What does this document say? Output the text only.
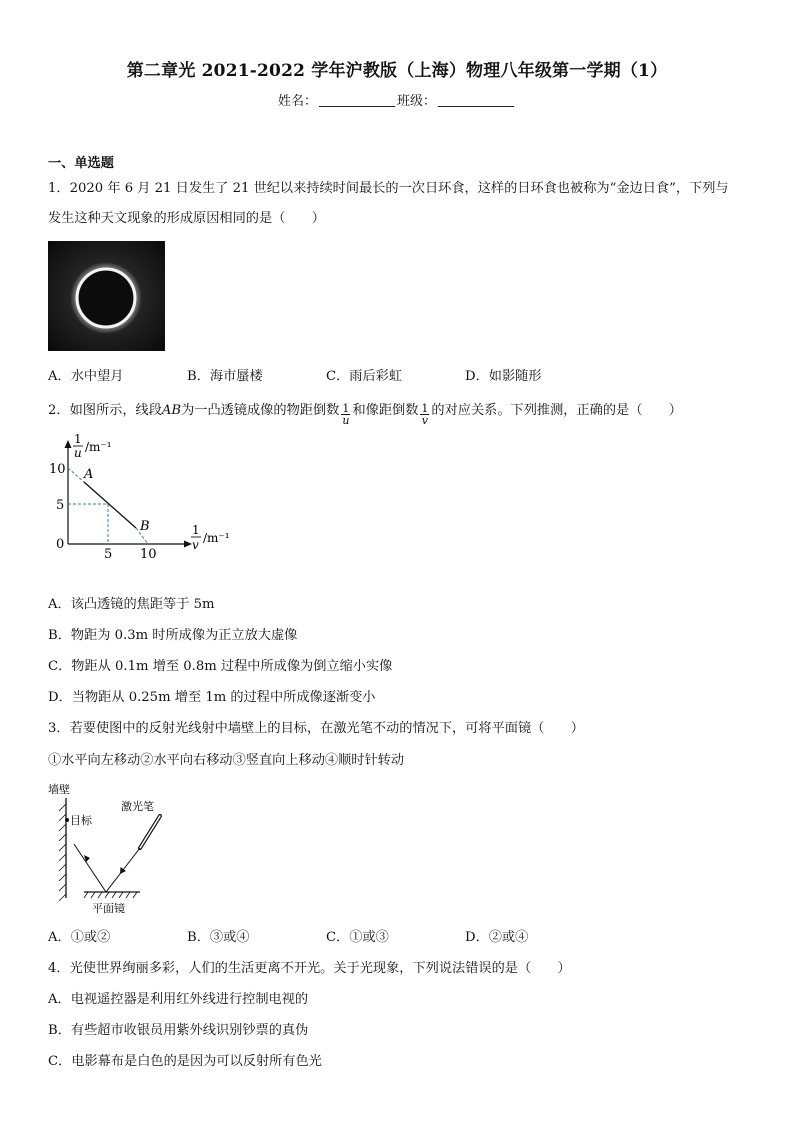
第二章光 2021-2022 学年沪教版（上海）物理八年级第一学期（1）
姓名：	班级：
一、单选题
1．2020 年 6 月 21 日发生了 21 世纪以来持续时间最长的一次日环食，这样的日环食也被称为“金边日食”，下列与
发生这种天文现象的形成原因相同的是（　　）
A．水中望月	B．海市蜃楼	C．雨后彩虹	D．如影随形
2．如图所示，线段AB为一凸透镜成像的物距倒数 $\frac{1}{u}$ 和像距倒数 $\frac{1}{v}$ 的对应关系。下列推测，正确的是（　　）
A
B
10
5
0
5 10
1
u /m⁻¹
1
v /m⁻¹
A．该凸透镜的焦距等于 5m
B．物距为 0.3m 时所成像为正立放大虚像
C．物距从 0.1m 增至 0.8m 过程中所成像为倒立缩小实像
D．当物距从 0.25m 增至 1m 的过程中所成像逐渐变小
3．若要使图中的反射光线射中墙壁上的目标，在激光笔不动的情况下，可将平面镜（　　）
①水平向左移动②水平向右移动③竖直向上移动④顺时针转动
墙壁
目标
激光笔
平面镜
A．①或②	B．③或④	C．①或③	D．②或④
4．光使世界绚丽多彩，人们的生活更离不开光。关于光现象，下列说法错误的是（　　）
A．电视遥控器是利用红外线进行控制电视的
B．有些超市收银员用紫外线识别钞票的真伪
C．电影幕布是白色的是因为可以反射所有色光
